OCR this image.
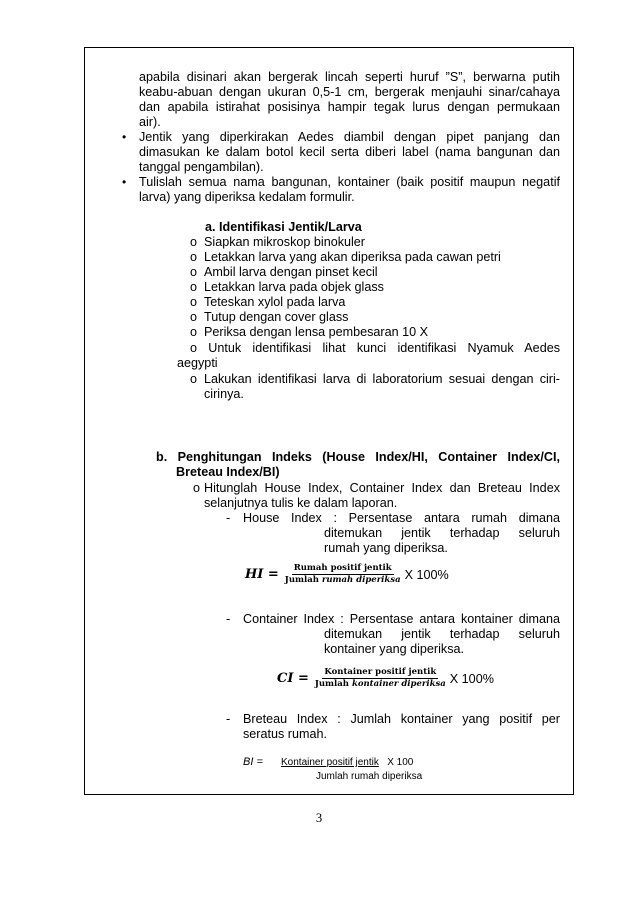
apabila disinari akan bergerak lincah seperti huruf ”S”, berwarna putih
keabu-abuan dengan ukuran 0,5-1 cm, bergerak menjauhi sinar/cahaya
dan apabila istirahat posisinya hampir tegak lurus dengan permukaan
air).
• Jentik yang diperkirakan Aedes diambil dengan pipet panjang dan
dimasukan ke dalam botol kecil serta diberi label (nama bangunan dan
tanggal pengambilan).
• Tulislah semua nama bangunan, kontainer (baik positif maupun negatif
larva) yang diperiksa kedalam formulir.
a. Identifikasi Jentik/Larva
o Siapkan mikroskop binokuler
o Letakkan larva yang akan diperiksa pada cawan petri
o Ambil larva dengan pinset kecil
o Letakkan larva pada objek glass
o Teteskan xylol pada larva
o Tutup dengan cover glass
o Periksa dengan lensa pembesaran 10 X
o Untuk identifikasi lihat kunci identifikasi Nyamuk Aedes
aegypti
o Lakukan identifikasi larva di laboratorium sesuai dengan ciri-
cirinya.
b. Penghitungan Indeks (House Index/HI, Container Index/CI,
Breteau Index/BI)
o Hitunglah House Index, Container Index dan Breteau Index
selanjutnya tulis ke dalam laporan.
- House Index : Persentase antara rumah dimana
ditemukan jentik terhadap seluruh
rumah yang diperiksa.
HI = $\frac{\text{Rumah positif jentik}}{\text{Jumlah rumah diperiksa}}$ X 100%
- Container Index : Persentase antara kontainer dimana
ditemukan jentik terhadap seluruh
kontainer yang diperiksa.
CI = $\frac{\text{Kontainer positif jentik}}{\text{Jumlah kontainer diperiksa}}$ X 100%
- Breteau Index : Jumlah kontainer yang positif per
seratus rumah.
BI = Kontainer positif jentik X 100
Jumlah rumah diperiksa
3
